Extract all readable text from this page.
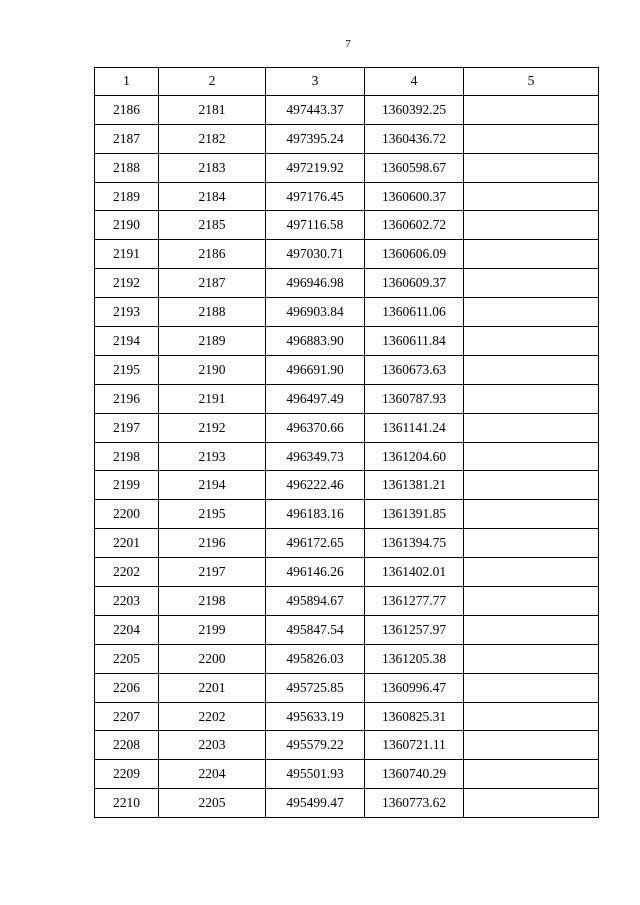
7
1	2	3	4	5
2186	2181	497443.37	1360392.25	
2187	2182	497395.24	1360436.72	
2188	2183	497219.92	1360598.67	
2189	2184	497176.45	1360600.37	
2190	2185	497116.58	1360602.72	
2191	2186	497030.71	1360606.09	
2192	2187	496946.98	1360609.37	
2193	2188	496903.84	1360611.06	
2194	2189	496883.90	1360611.84	
2195	2190	496691.90	1360673.63	
2196	2191	496497.49	1360787.93	
2197	2192	496370.66	1361141.24	
2198	2193	496349.73	1361204.60	
2199	2194	496222.46	1361381.21	
2200	2195	496183.16	1361391.85	
2201	2196	496172.65	1361394.75	
2202	2197	496146.26	1361402.01	
2203	2198	495894.67	1361277.77	
2204	2199	495847.54	1361257.97	
2205	2200	495826.03	1361205.38	
2206	2201	495725.85	1360996.47	
2207	2202	495633.19	1360825.31	
2208	2203	495579.22	1360721.11	
2209	2204	495501.93	1360740.29	
2210	2205	495499.47	1360773.62	
